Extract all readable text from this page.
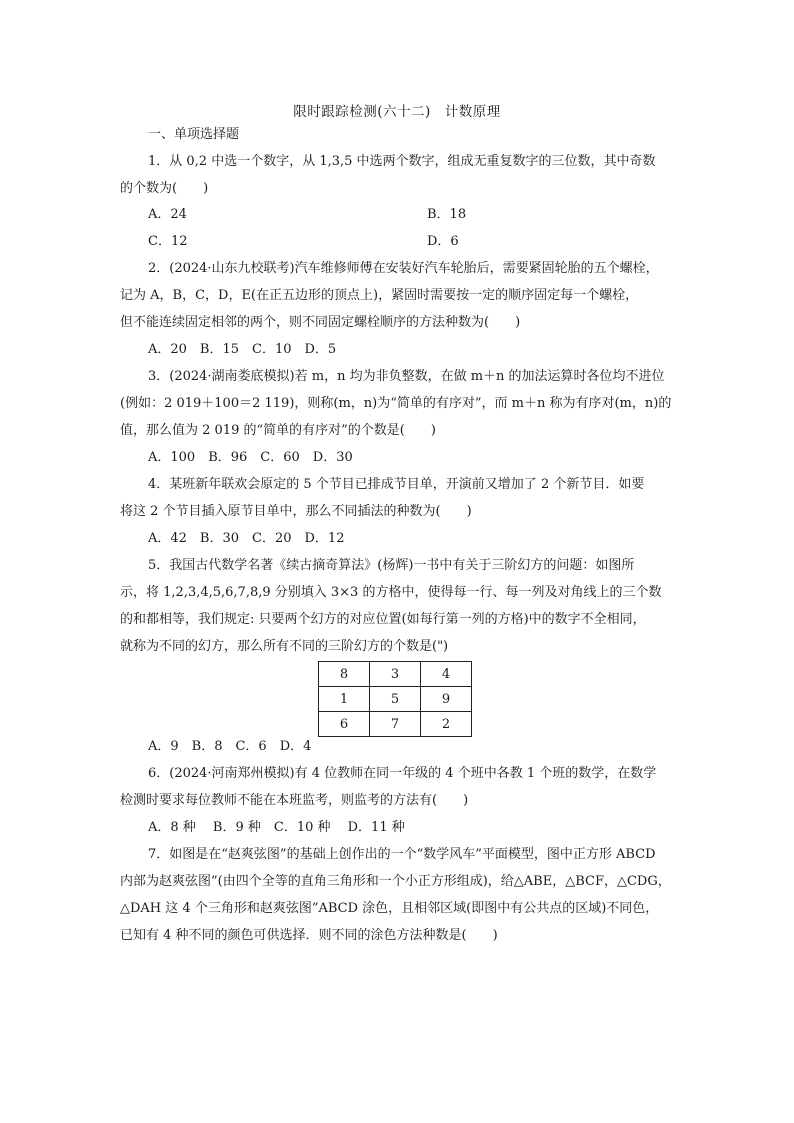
限时跟踪检测(六十二)　计数原理
一、单项选择题
1．从 0,2 中选一个数字，从 1,3,5 中选两个数字，组成无重复数字的三位数，其中奇数
的个数为(　　)
A．24	B．18
C．12	D．6
2．(2024·山东九校联考)汽车维修师傅在安装好汽车轮胎后，需要紧固轮胎的五个螺栓，
记为 A，B，C，D，E(在正五边形的顶点上)，紧固时需要按一定的顺序固定每一个螺栓，
但不能连续固定相邻的两个，则不同固定螺栓顺序的方法种数为(　　)
A．20　B．15　C．10　D．5
3．(2024·湖南娄底模拟)若 m，n 均为非负整数，在做 m＋n 的加法运算时各位均不进位
(例如：2 019＋100＝2 119)，则称(m，n)为“简单的有序对”，而 m＋n 称为有序对(m，n)的
值，那么值为 2 019 的“简单的有序对”的个数是(　　)
A．100　B．96　C．60　D．30
4．某班新年联欢会原定的 5 个节目已排成节目单，开演前又增加了 2 个新节目．如要
将这 2 个节目插入原节目单中，那么不同插法的种数为(　　)
A．42　B．30　C．20　D．12
5．我国古代数学名著《续古摘奇算法》(杨辉)一书中有关于三阶幻方的问题：如图所
示，将 1,2,3,4,5,6,7,8,9 分别填入 3×3 的方格中，使得每一行、每一列及对角线上的三个数
的和都相等，我们规定: 只要两个幻方的对应位置(如每行第一列的方格)中的数字不全相同，
就称为不同的幻方，那么所有不同的三阶幻方的个数是(")
8	3	4
1	5	9
6	7	2
A．9　B．8　C．6　D．4
6．(2024·河南郑州模拟)有 4 位教师在同一年级的 4 个班中各教 1 个班的数学，在数学
检测时要求每位教师不能在本班监考，则监考的方法有(　　)
A．8 种　 B．9 种　C．10 种　 D．11 种
7．如图是在“赵爽弦图”的基础上创作出的一个“数学风车”平面模型，图中正方形 ABCD
内部为赵爽弦图”(由四个全等的直角三角形和一个小正方形组成)，给△ABE，△BCF，△CDG，
△DAH 这 4 个三角形和赵爽弦图”ABCD 涂色，且相邻区域(即图中有公共点的区域)不同色，
已知有 4 种不同的颜色可供选择．则不同的涂色方法种数是(　　)
